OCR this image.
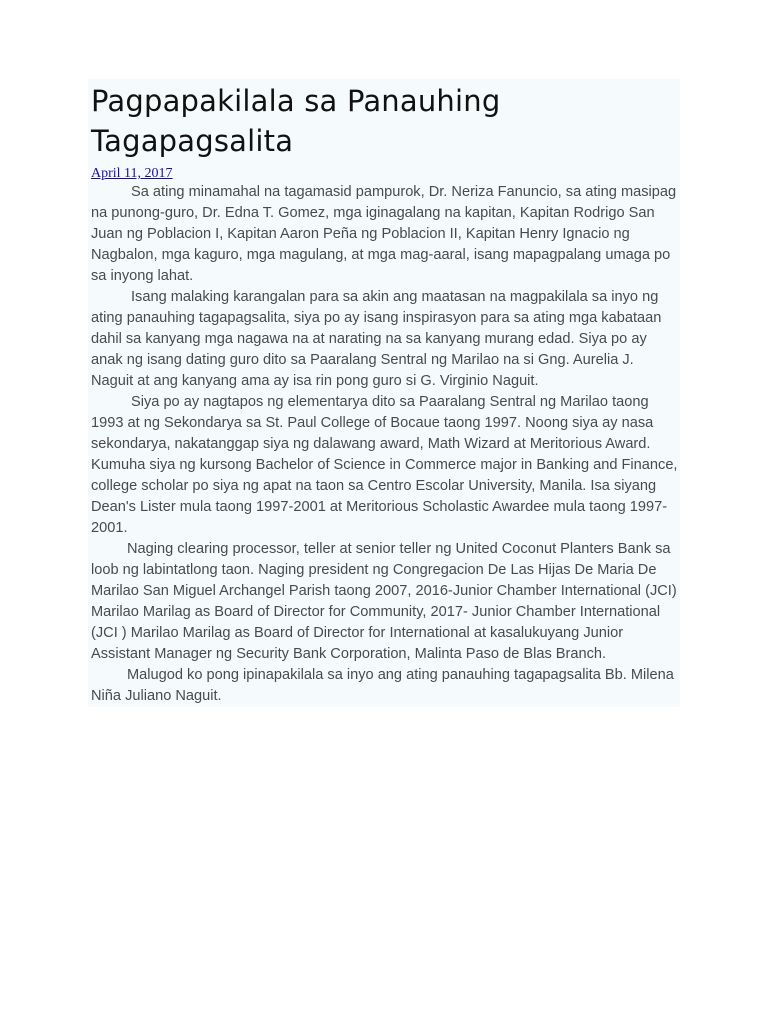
Pagpapakilala sa Panauhing Tagapagsalita
April 11, 2017

Sa ating minamahal na tagamasid pampurok, Dr. Neriza Fanuncio, sa ating masipag na punong-guro, Dr. Edna T. Gomez, mga iginagalang na kapitan, Kapitan Rodrigo San Juan ng Poblacion I, Kapitan Aaron Peña ng Poblacion II, Kapitan Henry Ignacio ng Nagbalon, mga kaguro, mga magulang, at mga mag-aaral, isang mapagpalang umaga po sa inyong lahat.

Isang malaking karangalan para sa akin ang maatasan na magpakilala sa inyo ng ating panauhing tagapagsalita, siya po ay isang inspirasyon para sa ating mga kabataan dahil sa kanyang mga nagawa na at narating na sa kanyang murang edad. Siya po ay anak ng isang dating guro dito sa Paaralang Sentral ng Marilao na si Gng. Aurelia J. Naguit at ang kanyang ama ay isa rin pong guro si G. Virginio Naguit.

Siya po ay nagtapos ng elementarya dito sa Paaralang Sentral ng Marilao taong 1993 at ng Sekondarya sa St. Paul College of Bocaue taong 1997. Noong siya ay nasa sekondarya, nakatanggap siya ng dalawang award, Math Wizard at Meritorious Award. Kumuha siya ng kursong Bachelor of Science in Commerce major in Banking and Finance, college scholar po siya ng apat na taon sa Centro Escolar University, Manila. Isa siyang Dean's Lister mula taong 1997-2001 at Meritorious Scholastic Awardee mula taong 1997-2001.

Naging clearing processor, teller at senior teller ng United Coconut Planters Bank sa loob ng labintatlong taon. Naging president ng Congregacion De Las Hijas De Maria De Marilao San Miguel Archangel Parish taong 2007, 2016-Junior Chamber International (JCI) Marilao Marilag as Board of Director for Community, 2017- Junior Chamber International (JCI ) Marilao Marilag as Board of Director for International at kasalukuyang Junior Assistant Manager ng Security Bank Corporation, Malinta Paso de Blas Branch.

Malugod ko pong ipinapakilala sa inyo ang ating panauhing tagapagsalita Bb. Milena Niña Juliano Naguit.
